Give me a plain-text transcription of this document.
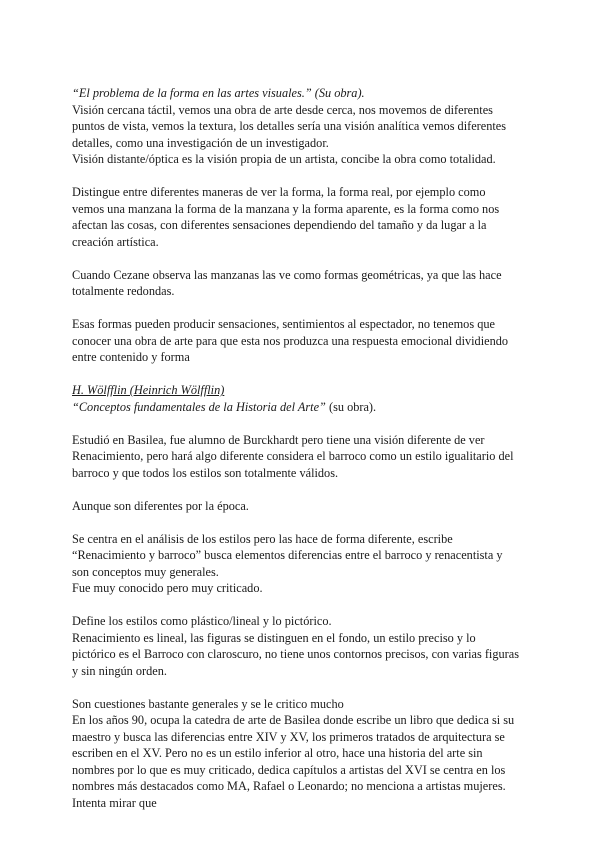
“El problema de la forma en las artes visuales.” (Su obra).

Visión cercana táctil, vemos una obra de arte desde cerca, nos movemos de diferentes puntos de vista, vemos la textura, los detalles sería una visión analítica vemos diferentes detalles, como una investigación de un investigador.

Visión distante/óptica es la visión propia de un artista, concibe la obra como totalidad.

Distingue entre diferentes maneras de ver la forma, la forma real, por ejemplo como vemos una manzana la forma de la manzana y la forma aparente, es la forma como nos afectan las cosas, con diferentes sensaciones dependiendo del tamaño y da lugar a la creación artística.

Cuando Cezane observa las manzanas las ve como formas geométricas, ya que las hace totalmente redondas.

Esas formas pueden producir sensaciones, sentimientos al espectador, no tenemos que conocer una obra de arte para que esta nos produzca una respuesta emocional dividiendo entre contenido y forma

H. Wölfflin (Heinrich Wölfflin)

“Conceptos fundamentales de la Historia del Arte” (su obra).

Estudió en Basilea, fue alumno de Burckhardt pero tiene una visión diferente de ver Renacimiento, pero hará algo diferente considera el barroco como un estilo igualitario del barroco y que todos los estilos son totalmente válidos.

Aunque son diferentes por la época.

Se centra en el análisis de los estilos pero las hace de forma diferente, escribe “Renacimiento y barroco” busca elementos diferencias entre el barroco y renacentista y son conceptos muy generales.

Fue muy conocido pero muy criticado.

Define los estilos como plástico/lineal y lo pictórico.

Renacimiento es lineal, las figuras se distinguen en el fondo, un estilo preciso y lo pictórico es el Barroco con claroscuro, no tiene unos contornos precisos, con varias figuras y sin ningún orden.

Son cuestiones bastante generales y se le critico mucho

En los años 90, ocupa la catedra de arte de Basilea donde escribe un libro que dedica si su maestro y busca las diferencias entre XIV y XV, los primeros tratados de arquitectura se escriben en el XV. Pero no es un estilo inferior al otro, hace una historia del arte sin nombres por lo que es muy criticado, dedica capítulos a artistas del XVI se centra en los nombres más destacados como MA, Rafael o Leonardo; no menciona a artistas mujeres. Intenta mirar que
